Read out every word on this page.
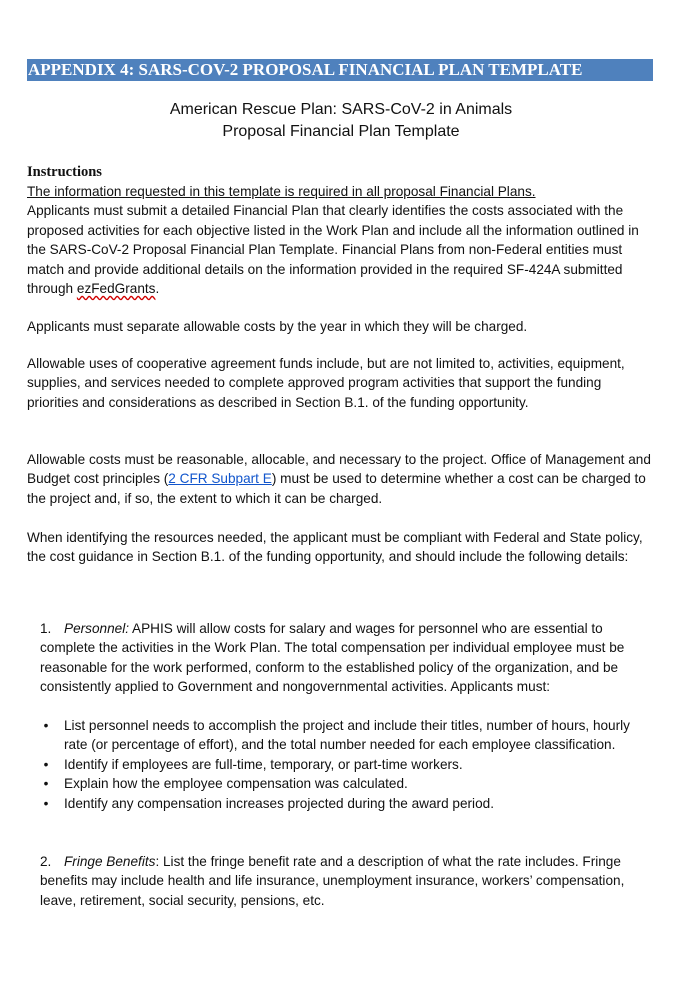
APPENDIX 4: SARS-COV-2 PROPOSAL FINANCIAL PLAN TEMPLATE
American Rescue Plan: SARS-CoV-2 in Animals
Proposal Financial Plan Template
Instructions

The information requested in this template is required in all proposal Financial Plans.

Applicants must submit a detailed Financial Plan that clearly identifies the costs associated with the proposed activities for each objective listed in the Work Plan and include all the information outlined in the SARS-CoV-2 Proposal Financial Plan Template. Financial Plans from non-Federal entities must match and provide additional details on the information provided in the required SF-424A submitted through ezFedGrants.

Applicants must separate allowable costs by the year in which they will be charged.

Allowable uses of cooperative agreement funds include, but are not limited to, activities, equipment, supplies, and services needed to complete approved program activities that support the funding priorities and considerations as described in Section B.1. of the funding opportunity.

Allowable costs must be reasonable, allocable, and necessary to the project. Office of Management and Budget cost principles (2 CFR Subpart E) must be used to determine whether a cost can be charged to the project and, if so, the extent to which it can be charged.

When identifying the resources needed, the applicant must be compliant with Federal and State policy, the cost guidance in Section B.1. of the funding opportunity, and should include the following details:

1. Personnel: APHIS will allow costs for salary and wages for personnel who are essential to complete the activities in the Work Plan. The total compensation per individual employee must be reasonable for the work performed, conform to the established policy of the organization, and be consistently applied to Government and nongovernmental activities. Applicants must:

• List personnel needs to accomplish the project and include their titles, number of hours, hourly rate (or percentage of effort), and the total number needed for each employee classification.
• Identify if employees are full-time, temporary, or part-time workers.
• Explain how the employee compensation was calculated.
• Identify any compensation increases projected during the award period.

2. Fringe Benefits: List the fringe benefit rate and a description of what the rate includes. Fringe benefits may include health and life insurance, unemployment insurance, workers’ compensation, leave, retirement, social security, pensions, etc.
